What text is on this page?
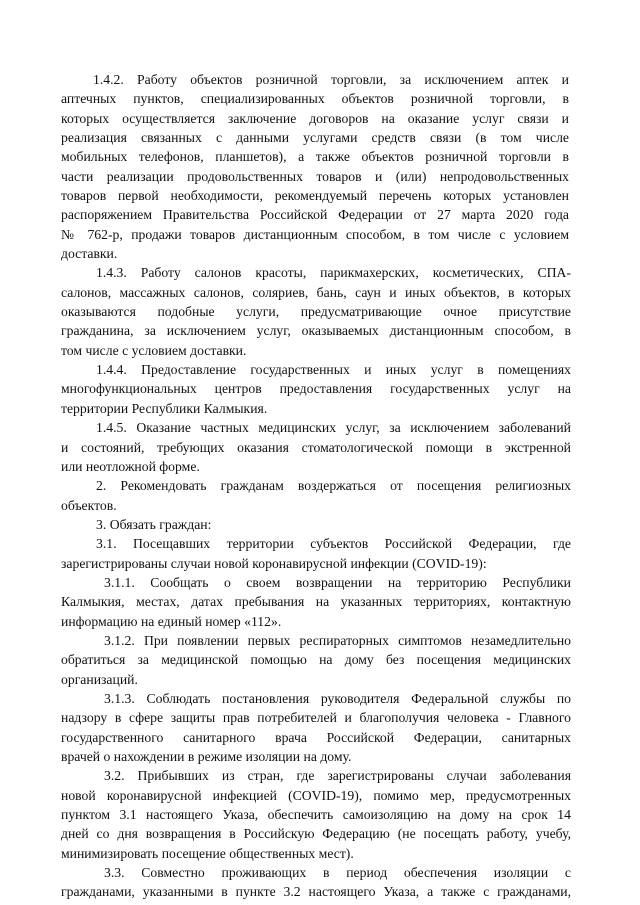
1.4.2. Работу объектов розничной торговли, за исключением аптек и
аптечных пунктов, специализированных объектов розничной торговли, в
которых осуществляется заключение договоров на оказание услуг связи и
реализация связанных с данными услугами средств связи (в том числе
мобильных телефонов, планшетов), а также объектов розничной торговли в
части реализации продовольственных товаров и (или) непродовольственных
товаров первой необходимости, рекомендуемый перечень которых установлен
распоряжением Правительства Российской Федерации от 27 марта 2020 года
№ 762-р, продажи товаров дистанционным способом, в том числе с условием
доставки.
1.4.3. Работу салонов красоты, парикмахерских, косметических, СПА-
салонов, массажных салонов, соляриев, бань, саун и иных объектов, в которых
оказываются подобные услуги, предусматривающие очное присутствие
гражданина, за исключением услуг, оказываемых дистанционным способом, в
том числе с условием доставки.
1.4.4. Предоставление государственных и иных услуг в помещениях
многофункциональных центров предоставления государственных услуг на
территории Республики Калмыкия.
1.4.5. Оказание частных медицинских услуг, за исключением заболеваний
и состояний, требующих оказания стоматологической помощи в экстренной
или неотложной форме.
2. Рекомендовать гражданам воздержаться от посещения религиозных
объектов.
3. Обязать граждан:
3.1. Посещавших территории субъектов Российской Федерации, где
зарегистрированы случаи новой коронавирусной инфекции (COVID-19):
3.1.1. Сообщать о своем возвращении на территорию Республики
Калмыкия, местах, датах пребывания на указанных территориях, контактную
информацию на единый номер «112».
3.1.2. При появлении первых респираторных симптомов незамедлительно
обратиться за медицинской помощью на дому без посещения медицинских
организаций.
3.1.3. Соблюдать постановления руководителя Федеральной службы по
надзору в сфере защиты прав потребителей и благополучия человека - Главного
государственного санитарного врача Российской Федерации, санитарных
врачей о нахождении в режиме изоляции на дому.
3.2. Прибывших из стран, где зарегистрированы случаи заболевания
новой коронавирусной инфекцией (COVID-19), помимо мер, предусмотренных
пунктом 3.1 настоящего Указа, обеспечить самоизоляцию на дому на срок 14
дней со дня возвращения в Российскую Федерацию (не посещать работу, учебу,
минимизировать посещение общественных мест).
3.3. Совместно проживающих в период обеспечения изоляции с
гражданами, указанными в пункте 3.2 настоящего Указа, а также с гражданами,
